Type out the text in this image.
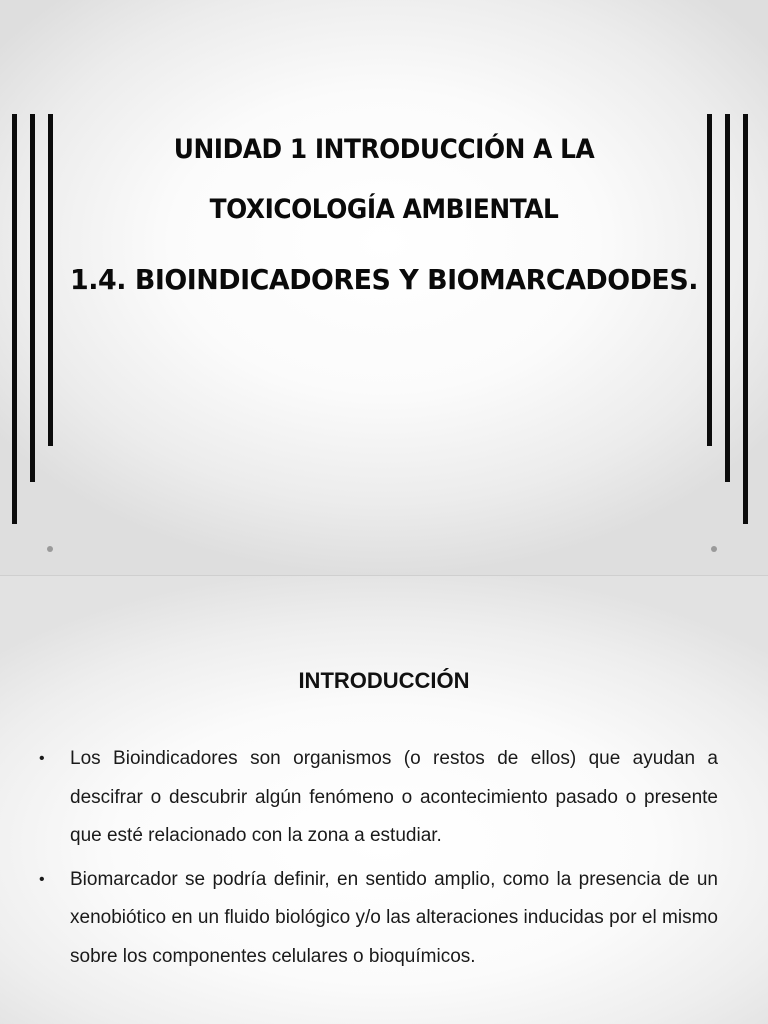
UNIDAD 1 INTRODUCCIÓN A LA
TOXICOLOGÍA AMBIENTAL
1.4. BIOINDICADORES Y BIOMARCADODES.
INTRODUCCIÓN
• Los Bioindicadores son organismos (o restos de ellos) que ayudan a descifrar o descubrir algún fenómeno o acontecimiento pasado o presente que esté relacionado con la zona a estudiar.
• Biomarcador se podría definir, en sentido amplio, como la presencia de un xenobiótico en un fluido biológico y/o las alteraciones inducidas por el mismo sobre los componentes celulares o bioquímicos.
